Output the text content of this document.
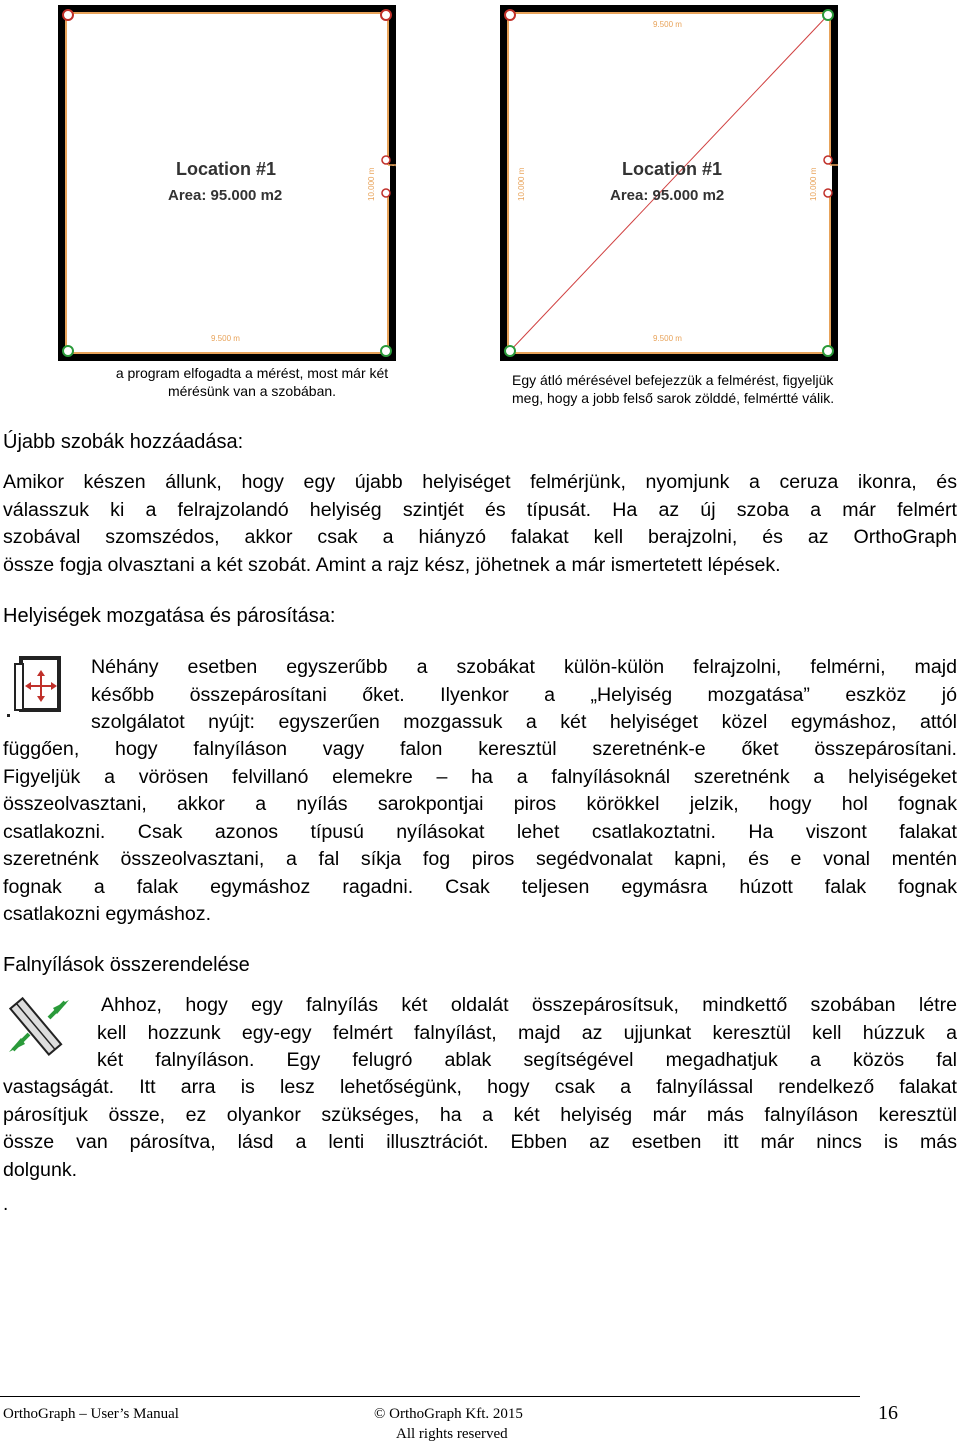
Location #1
Area: 95.000 m2
9.500 m
10.000 m
a program elfogadta a mérést, most már két mérésünk van a szobában.
Location #1
Area: 95.000 m2
9.500 m
9.500 m
10.000 m	10.000 m
Egy átló mérésével befejezzük a felmérést, figyeljük meg, hogy a jobb felső sarok zölddé, felmértté válik.
Újabb szobák hozzáadása:
Amikor készen állunk, hogy egy újabb helyiséget felmérjünk, nyomjunk a ceruza ikonra, és
válasszuk ki a felrajzolandó helyiség szintjét és típusát. Ha az új szoba a már felmért
szobával szomszédos, akkor csak a hiányzó falakat kell berajzolni, és az OrthoGraph
össze fogja olvasztani a két szobát. Amint a rajz kész, jöhetnek a már ismertetett lépések.
Helyiségek mozgatása és párosítása:
Néhány esetben egyszerűbb a szobákat külön-külön felrajzolni, felmérni, majd
később összepárosítani őket. Ilyenkor a „Helyiség mozgatása” eszköz jó
szolgálatot nyújt: egyszerűen mozgassuk a két helyiséget közel egymáshoz, attól
függően, hogy falnyíláson vagy falon keresztül szeretnénk-e őket összepárosítani.
Figyeljük a vörösen felvillanó elemekre – ha a falnyílásoknál szeretnénk a helyiségeket
összeolvasztani, akkor a nyílás sarokpontjai piros körökkel jelzik, hogy hol fognak
csatlakozni. Csak azonos típusú nyílásokat lehet csatlakoztatni. Ha viszont falakat
szeretnénk összeolvasztani, a fal síkja fog piros segédvonalat kapni, és e vonal mentén
fognak a falak egymáshoz ragadni. Csak teljesen egymásra húzott falak fognak
csatlakozni egymáshoz.
Falnyílások összerendelése
Ahhoz, hogy egy falnyílás két oldalát összepárosítsuk, mindkettő szobában létre
kell hozzunk egy-egy felmért falnyílást, majd az ujjunkat keresztül kell húzzuk a
két falnyíláson. Egy felugró ablak segítségével megadhatjuk a közös fal
vastagságát. Itt arra is lesz lehetőségünk, hogy csak a falnyílással rendelkező falakat
párosítjuk össze, ez olyankor szükséges, ha a két helyiség már más falnyíláson keresztül
össze van párosítva, lásd a lenti illusztrációt. Ebben az esetben itt már nincs is más
dolgunk.
.
OrthoGraph – User’s Manual	© OrthoGraph Kft. 2015
All rights reserved
16
